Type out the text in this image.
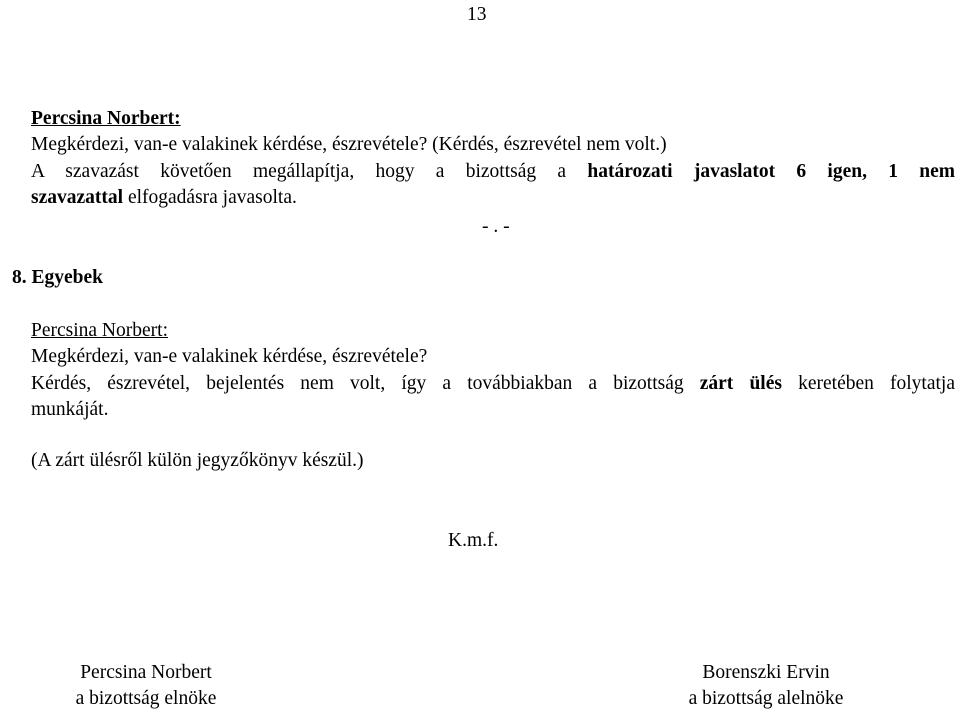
13
Percsina Norbert:
Megkérdezi, van-e valakinek kérdése, észrevétele? (Kérdés, észrevétel nem volt.)
A szavazást követően megállapítja, hogy a bizottság a határozati javaslatot 6 igen, 1 nem
szavazattal elfogadásra javasolta.
- . -
8. Egyebek
Percsina Norbert:
Megkérdezi, van-e valakinek kérdése, észrevétele?
Kérdés, észrevétel, bejelentés nem volt, így a továbbiakban a bizottság zárt ülés keretében folytatja
munkáját.
(A zárt ülésről külön jegyzőkönyv készül.)
K.m.f.
Percsina Norbert
a bizottság elnöke
Borenszki Ervin
a bizottság alelnöke
